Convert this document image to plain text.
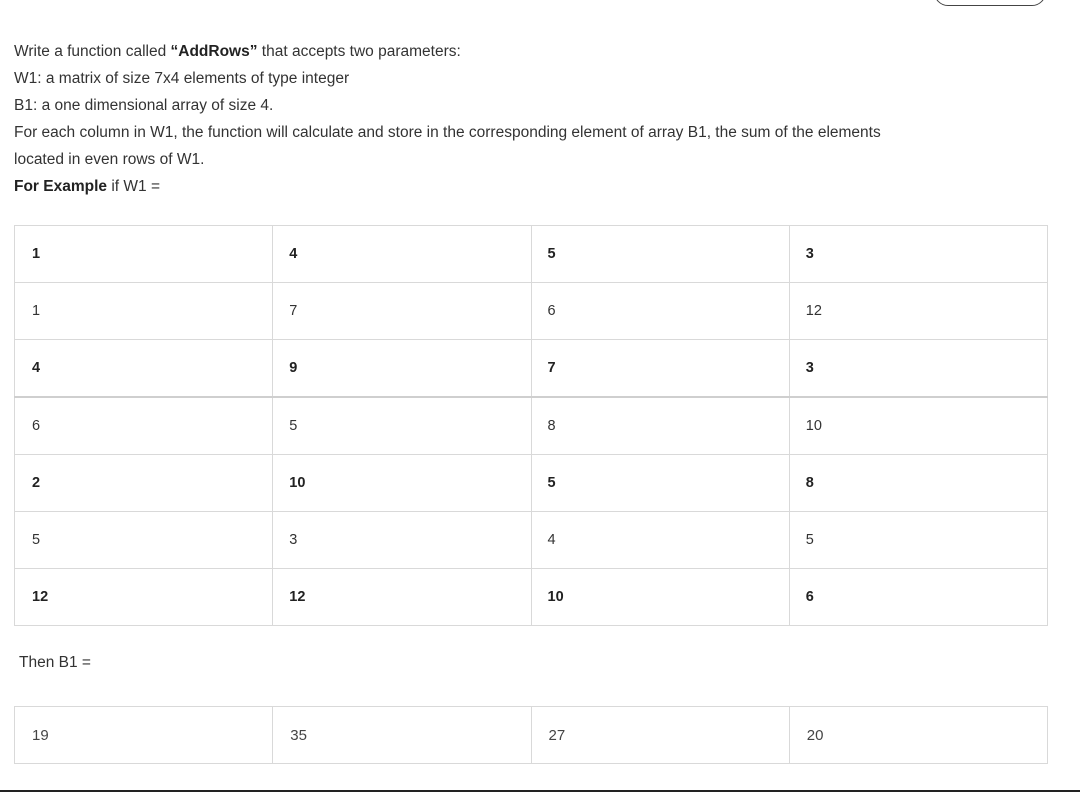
Write a function called “AddRows” that accepts two parameters:

W1: a matrix of size 7x4 elements of type integer

B1: a one dimensional array of size 4.

For each column in W1, the function will calculate and store in the corresponding element of array B1, the sum of the elements

located in even rows of W1.

For Example if W1 =

1	4	5	3
1	7	6	12
4	9	7	3
6	5	8	10
2	10	5	8
5	3	4	5
12	12	10	6
Then B1 =
19	35	27	20
